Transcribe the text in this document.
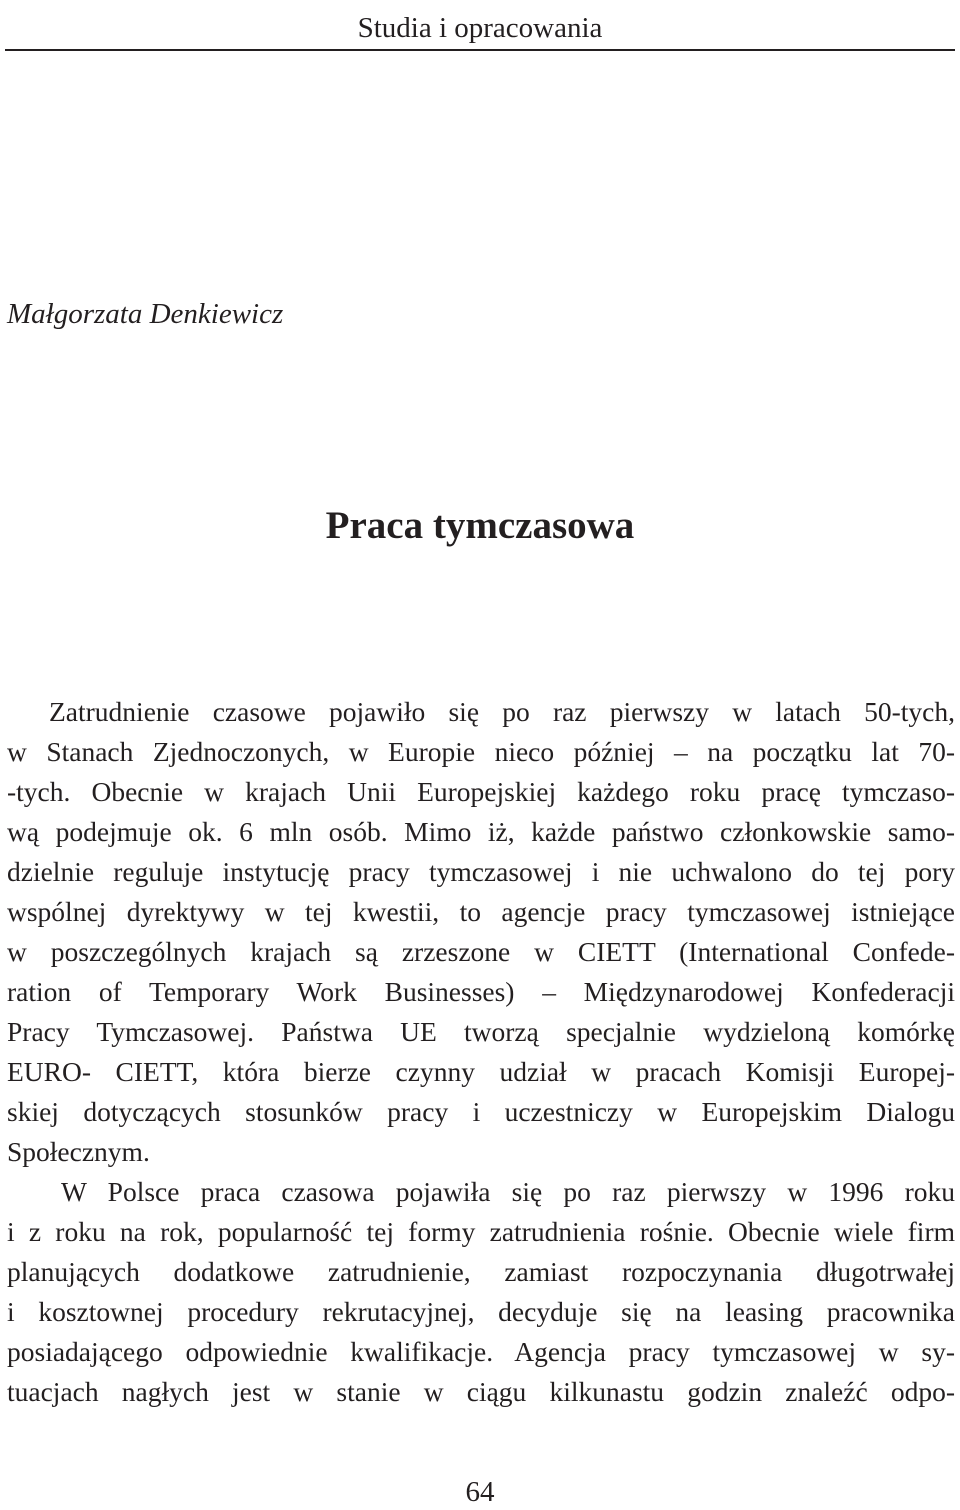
Studia i opracowania
Małgorzata Denkiewicz
Praca tymczasowa
Zatrudnienie czasowe pojawiło się po raz pierwszy w latach 50-tych,
w Stanach Zjednoczonych, w Europie nieco później – na początku lat 70-
-tych. Obecnie w krajach Unii Europejskiej każdego roku pracę tymczaso-
wą podejmuje ok. 6 mln osób. Mimo iż, każde państwo członkowskie samo-
dzielnie reguluje instytucję pracy tymczasowej i nie uchwalono do tej pory
wspólnej dyrektywy w tej kwestii, to agencje pracy tymczasowej istniejące
w poszczególnych krajach są zrzeszone w CIETT (International Confede-
ration of Temporary Work Businesses) – Międzynarodowej Konfederacji
Pracy Tymczasowej. Państwa UE tworzą specjalnie wydzieloną komórkę
EURO- CIETT, która bierze czynny udział w pracach Komisji Europej-
skiej dotyczących stosunków pracy i uczestniczy w Europejskim Dialogu
Społecznym.
W Polsce praca czasowa pojawiła się po raz pierwszy w 1996 roku
i z roku na rok, popularność tej formy zatrudnienia rośnie. Obecnie wiele firm
planujących dodatkowe zatrudnienie, zamiast rozpoczynania długotrwałej
i kosztownej procedury rekrutacyjnej, decyduje się na leasing pracownika
posiadającego odpowiednie kwalifikacje. Agencja pracy tymczasowej w sy-
tuacjach nagłych jest w stanie w ciągu kilkunastu godzin znaleźć odpo-
64
